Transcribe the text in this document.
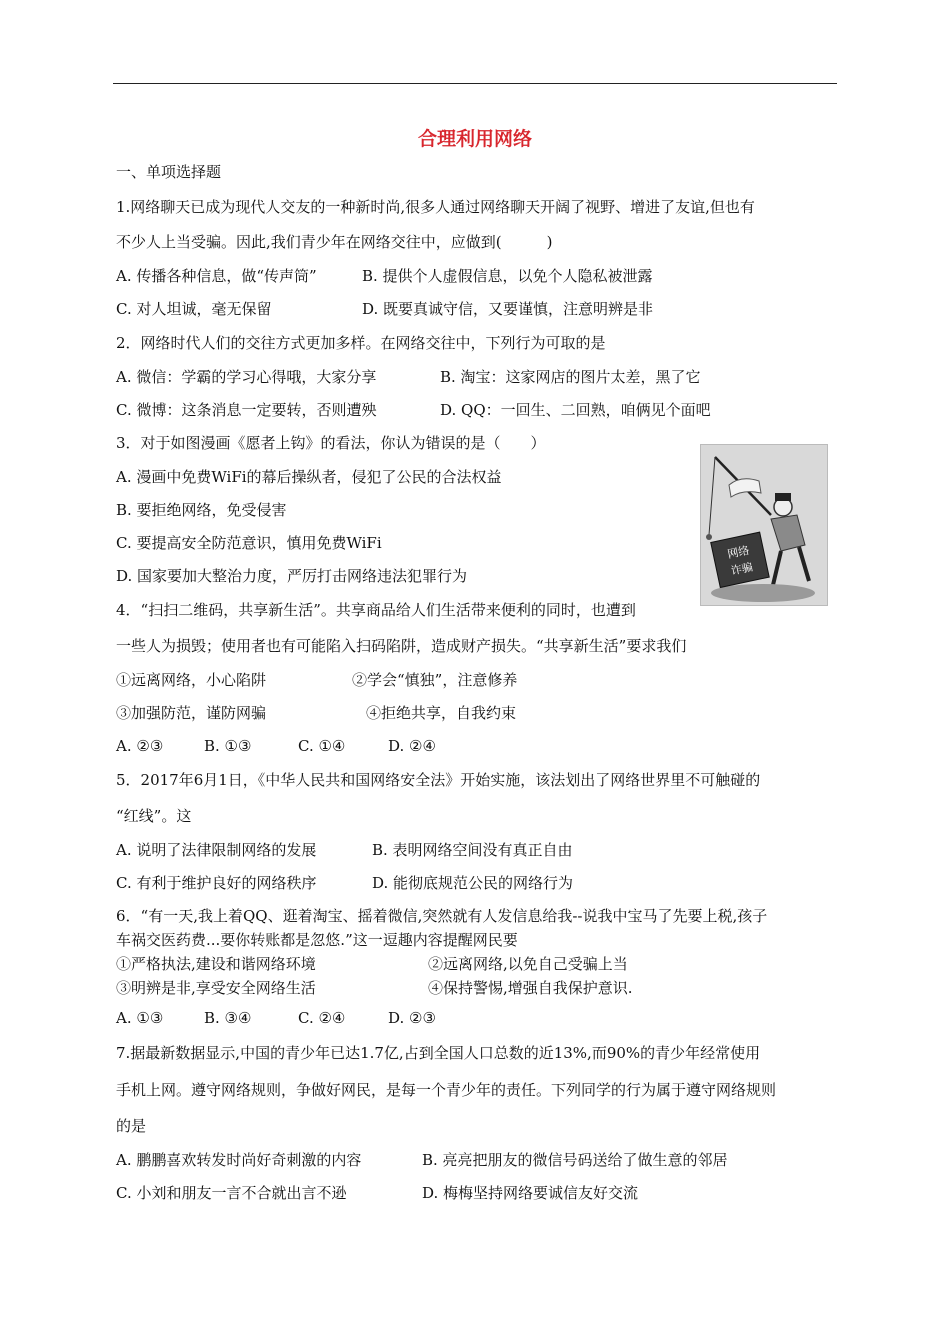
合理利用网络
一、单项选择题
1.网络聊天已成为现代人交友的一种新时尚,很多人通过网络聊天开阔了视野、增进了友谊,但也有
不少人上当受骗。因此,我们青少年在网络交往中，应做到(　　　)
A. 传播各种信息，做“传声筒”	B. 提供个人虚假信息，以免个人隐私被泄露
C. 对人坦诚，毫无保留	D. 既要真诚守信，又要谨慎，注意明辨是非
2．网络时代人们的交往方式更加多样。在网络交往中，下列行为可取的是
A. 微信：学霸的学习心得哦，大家分享	B. 淘宝：这家网店的图片太差，黑了它
C. 微博：这条消息一定要转，否则遭殃	D. QQ：一回生、二回熟，咱俩见个面吧
3．对于如图漫画《愿者上钩》的看法，你认为错误的是（　　）
A. 漫画中免费WiFi的幕后操纵者，侵犯了公民的合法权益
B. 要拒绝网络，免受侵害
C. 要提高安全防范意识，慎用免费WiFi
D. 国家要加大整治力度，严厉打击网络违法犯罪行为
网络
诈骗
4．“扫扫二维码，共享新生活”。共享商品给人们生活带来便利的同时，也遭到
一些人为损毁；使用者也有可能陷入扫码陷阱，造成财产损失。“共享新生活”要求我们
①远离网络，小心陷阱	②学会“慎独”，注意修养
③加强防范，谨防网骗	④拒绝共享，自我约束
A. ②③	B. ①③	C. ①④	D. ②④
5．2017年6月1日，《中华人民共和国网络安全法》开始实施，该法划出了网络世界里不可触碰的
“红线”。这
A. 说明了法律限制网络的发展	B. 表明网络空间没有真正自由
C. 有利于维护良好的网络秩序	D. 能彻底规范公民的网络行为
6．“有一天,我上着QQ、逛着淘宝、摇着微信,突然就有人发信息给我--说我中宝马了先要上税,孩子
车祸交医药费...要你转账都是忽悠.”这一逗趣内容提醒网民要
①严格执法,建设和谐网络环境	②远离网络,以免自己受骗上当
③明辨是非,享受安全网络生活	④保持警惕,增强自我保护意识.
A. ①③	B. ③④	C. ②④	D. ②③
7.据最新数据显示,中国的青少年已达1.7亿,占到全国人口总数的近13%,而90%的青少年经常使用
手机上网。遵守网络规则，争做好网民，是每一个青少年的责任。下列同学的行为属于遵守网络规则
的是
A. 鹏鹏喜欢转发时尚好奇刺激的内容	B. 亮亮把朋友的微信号码送给了做生意的邻居
C. 小刘和朋友一言不合就出言不逊	D. 梅梅坚持网络要诚信友好交流
